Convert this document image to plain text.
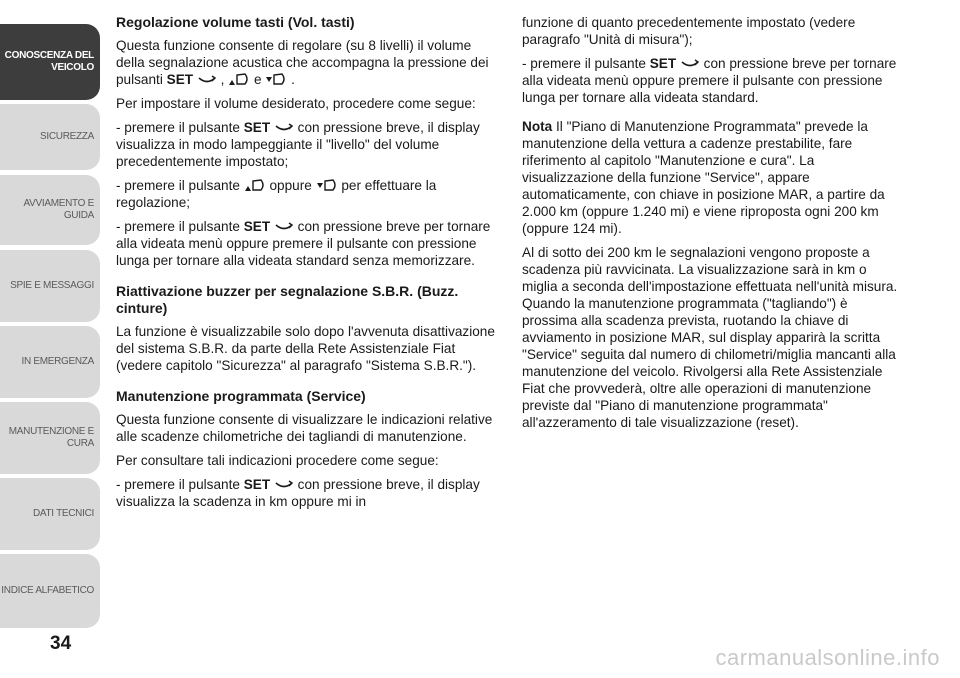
CONOSCENZA DEL
VEICOLO
SICUREZZA
AVVIAMENTO E
GUIDA
SPIE E MESSAGGI
IN EMERGENZA
MANUTENZIONE E
CURA
DATI TECNICI
INDICE ALFABETICO
34
Regolazione volume tasti (Vol. tasti)

Questa funzione consente di regolare (su 8 livelli) il volume della segnalazione acustica che accompagna la pressione dei pulsanti SET  ,  e  .

Per impostare il volume desiderato, procedere come segue:

- premere il pulsante SET  con pressione breve, il display visualizza in modo lampeggiante il "livello" del volume precedentemente impostato;

- premere il pulsante  oppure  per effettuare la regolazione;

- premere il pulsante SET  con pressione breve per tornare alla videata menù oppure premere il pulsante con pressione lunga per tornare alla videata standard senza memorizzare.

Riattivazione buzzer per segnalazione S.B.R. (Buzz. cinture)

La funzione è visualizzabile solo dopo l'avvenuta disattivazione del sistema S.B.R. da parte della Rete Assistenziale Fiat (vedere capitolo "Sicurezza" al paragrafo "Sistema S.B.R.").

Manutenzione programmata (Service)

Questa funzione consente di visualizzare le indicazioni relative alle scadenze chilometriche dei tagliandi di manutenzione.

Per consultare tali indicazioni procedere come segue:

- premere il pulsante SET  con pressione breve, il display visualizza la scadenza in km oppure mi in

funzione di quanto precedentemente impostato (vedere paragrafo "Unità di misura");

- premere il pulsante SET  con pressione breve per tornare alla videata menù oppure premere il pulsante con pressione lunga per tornare alla videata standard.

Nota Il "Piano di Manutenzione Programmata" prevede la manutenzione della vettura a cadenze prestabilite, fare riferimento al capitolo "Manutenzione e cura". La visualizzazione della funzione "Service", appare automaticamente, con chiave in posizione MAR, a partire da 2.000 km (oppure 1.240 mi) e viene riproposta ogni 200 km (oppure 124 mi).

Al di sotto dei 200 km le segnalazioni vengono proposte a scadenza più ravvicinata. La visualizzazione sarà in km o miglia a seconda dell'impostazione effettuata nell'unità misura. Quando la manutenzione programmata ("tagliando") è prossima alla scadenza prevista, ruotando la chiave di avviamento in posizione MAR, sul display apparirà la scritta "Service" seguita dal numero di chilometri/miglia mancanti alla manutenzione del veicolo. Rivolgersi alla Rete Assistenziale Fiat che provvederà, oltre alle operazioni di manutenzione previste dal "Piano di manutenzione programmata" all'azzeramento di tale visualizzazione (reset).

carmanualsonline.info
